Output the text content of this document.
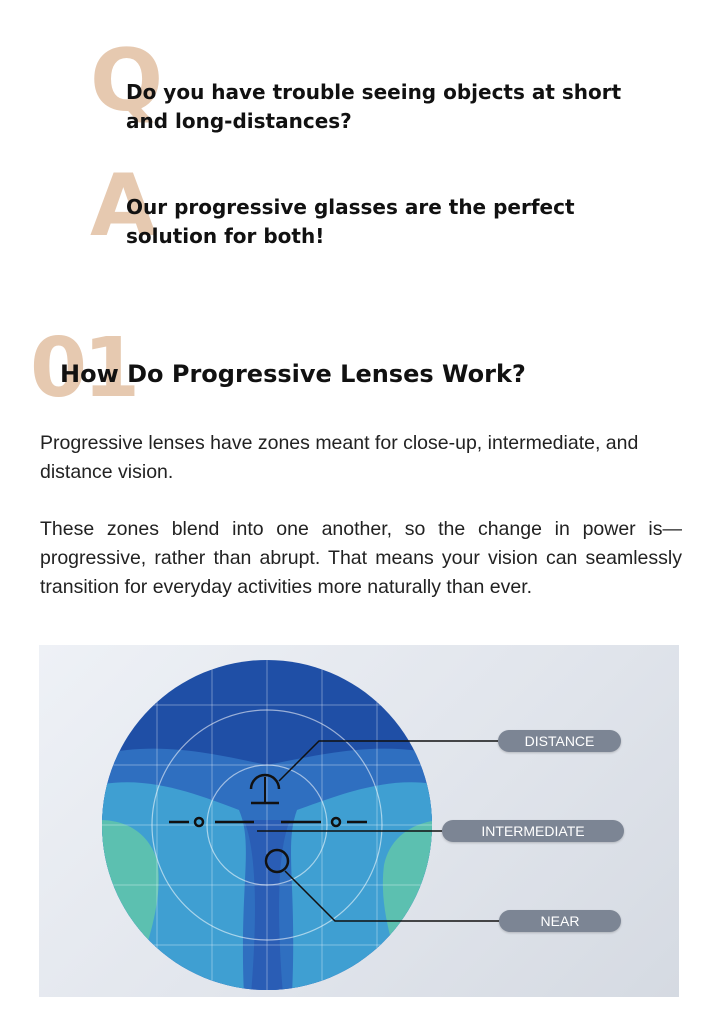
Q
Do you have trouble seeing objects at short and long-distances?
A
Our progressive glasses are the perfect solution for both!
01
How Do Progressive Lenses Work?
Progressive lenses have zones meant for close-up, intermediate, and distance vision.
These zones blend into one another, so the change in power is—progressive, rather than abrupt. That means your vision can seamlessly transition for everyday activities more naturally than ever.
DISTANCE
INTERMEDIATE
NEAR
